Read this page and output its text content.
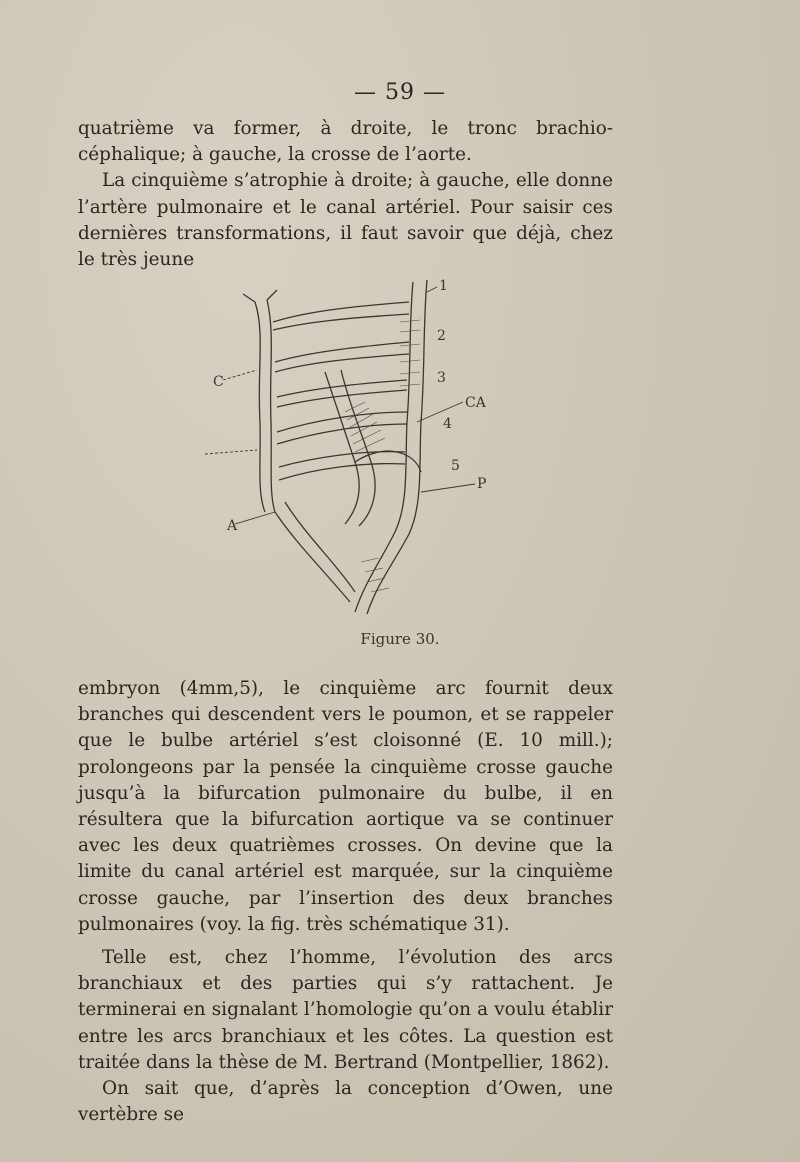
— 59 —

quatrième va former, à droite, le tronc brachio-céphalique; à gauche, la crosse de l’aorte.

La cinquième s’atrophie à droite; à gauche, elle donne l’artère pulmonaire et le canal artériel. Pour saisir ces dernières transformations, il faut savoir que déjà, chez le très jeune

1
2
3
CA
4
5
P
A
C
Figure 30.

embryon (4mm,5), le cinquième arc fournit deux branches qui descendent vers le poumon, et se rappeler que le bulbe artériel s’est cloisonné (E. 10 mill.); prolongeons par la pensée la cinquième crosse gauche jusqu’à la bifurcation pulmonaire du bulbe, il en résultera que la bifurcation aortique va se continuer avec les deux quatrièmes crosses. On devine que la limite du canal artériel est marquée, sur la cinquième crosse gauche, par l’insertion des deux branches pulmonaires (voy. la fig. très schématique 31).

Telle est, chez l’homme, l’évolution des arcs branchiaux et des parties qui s’y rattachent. Je terminerai en signalant l’homologie qu’on a voulu établir entre les arcs branchiaux et les côtes. La question est traitée dans la thèse de M. Bertrand (Montpellier, 1862).

On sait que, d’après la conception d’Owen, une vertèbre se
